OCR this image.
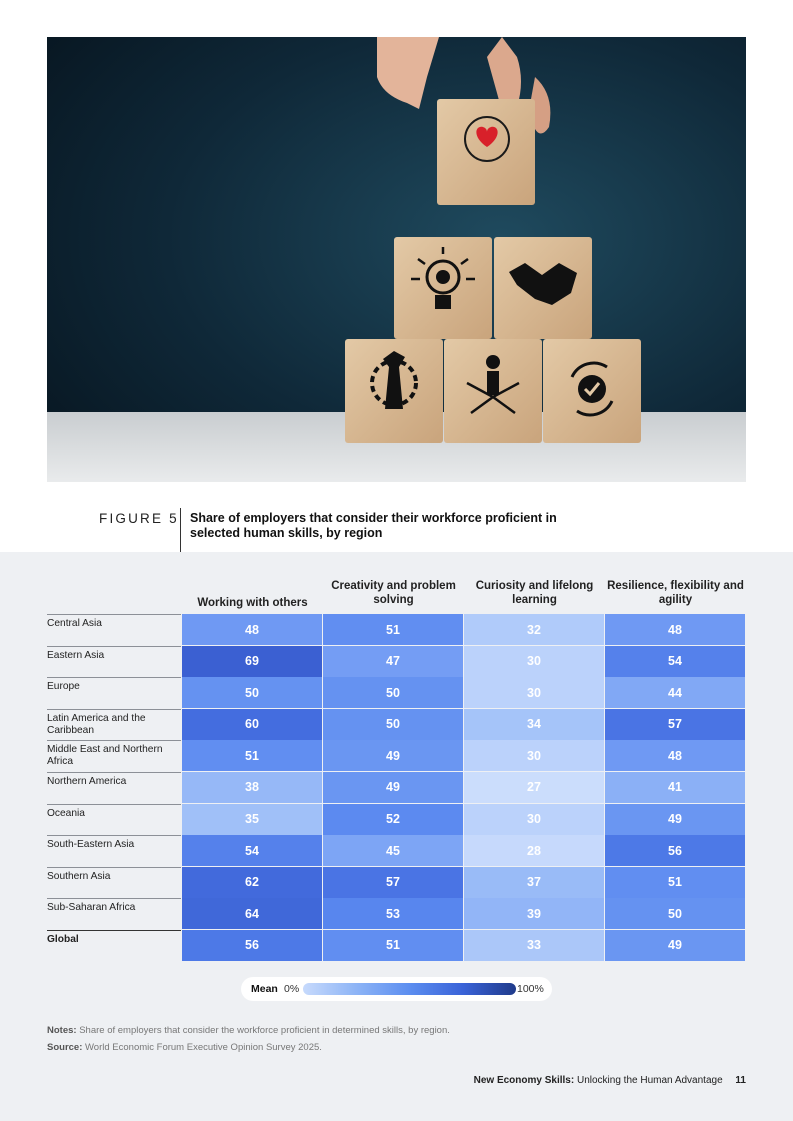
FIGURE 5 Share of employers that consider their workforce proficient in selected human skills, by region
Working with others
Creativity and problem solving
Curiosity and lifelong learning
Resilience, flexibility and agility
Central Asia	48	51	32	48
Eastern Asia	69	47	30	54
Europe	50	50	30	44
Latin America and the Caribbean	60	50	34	57
Middle East and Northern Africa	51	49	30	48
Northern America	38	49	27	41
Oceania	35	52	30	49
South-Eastern Asia	54	45	28	56
Southern Asia	62	57	37	51
Sub-Saharan Africa	64	53	39	50
Global	56	51	33	49
Mean 0%	100%
Notes: Share of employers that consider the workforce proficient in determined skills, by region.
Source: World Economic Forum Executive Opinion Survey 2025.
New Economy Skills: Unlocking the Human Advantage 11
